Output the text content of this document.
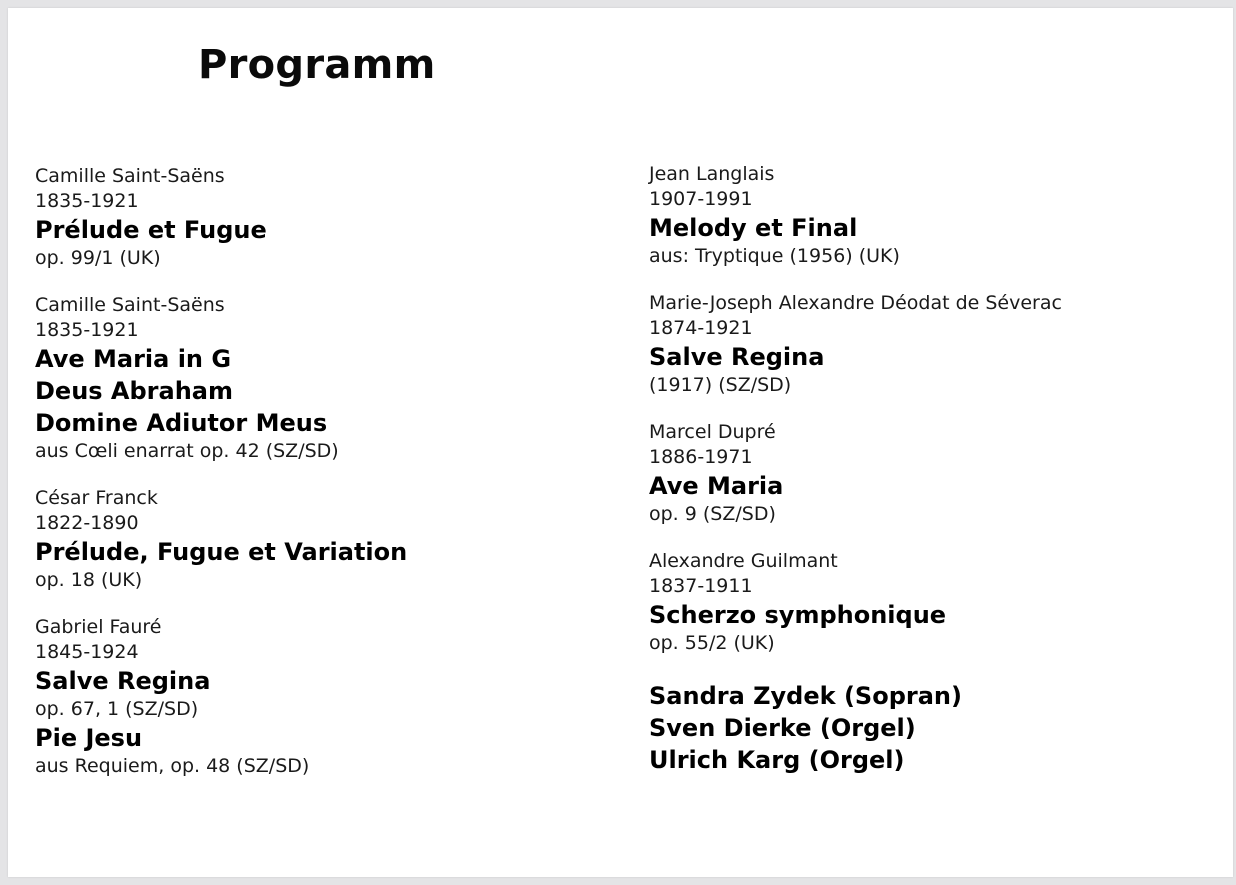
Programm
Camille Saint-Saëns
1835-1921
Prélude et Fugue
op. 99/1 (UK)
Camille Saint-Saëns
1835-1921
Ave Maria in G
Deus Abraham
Domine Adiutor Meus
aus Cœli enarrat op. 42 (SZ/SD)
César Franck
1822-1890
Prélude, Fugue et Variation
op. 18 (UK)
Gabriel Fauré
1845-1924
Salve Regina
op. 67, 1 (SZ/SD)
Pie Jesu
aus Requiem, op. 48 (SZ/SD)
Jean Langlais
1907-1991
Melody et Final
aus: Tryptique (1956) (UK)
Marie-Joseph Alexandre Déodat de Séverac
1874-1921
Salve Regina
(1917) (SZ/SD)
Marcel Dupré
1886-1971
Ave Maria
op. 9 (SZ/SD)
Alexandre Guilmant
1837-1911
Scherzo symphonique
op. 55/2 (UK)
Sandra Zydek (Sopran)
Sven Dierke (Orgel)
Ulrich Karg (Orgel)
